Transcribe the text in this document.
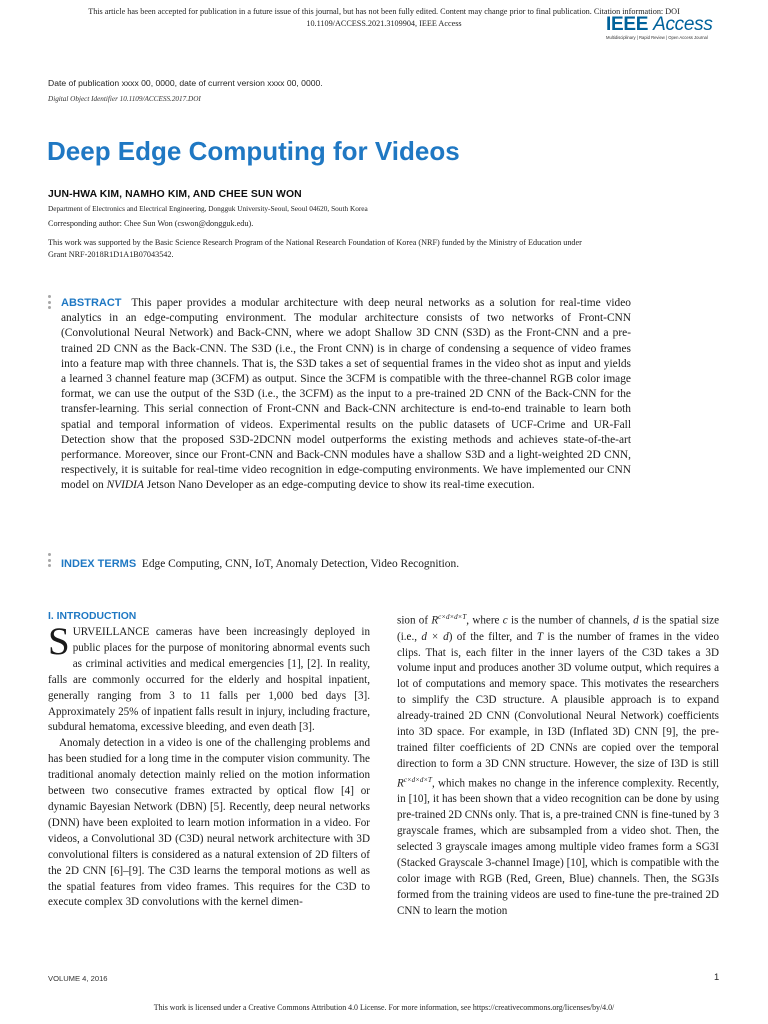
This article has been accepted for publication in a future issue of this journal, but has not been fully edited. Content may change prior to final publication. Citation information: DOI
10.1109/ACCESS.2021.3109904, IEEE Access	IEEE Access
Multidisciplinary | Rapid Review | Open Access Journal
Date of publication xxxx 00, 0000, date of current version xxxx 00, 0000.
Digital Object Identifier 10.1109/ACCESS.2017.DOI
Deep Edge Computing for Videos
JUN-HWA KIM, NAMHO KIM, AND CHEE SUN WON
Department of Electronics and Electrical Engineering, Dongguk University-Seoul, Seoul 04620, South Korea
Corresponding author: Chee Sun Won (cswon@dongguk.edu).
This work was supported by the Basic Science Research Program of the National Research Foundation of Korea (NRF) funded by the Ministry of Education under Grant NRF-2018R1D1A1B07043542.
ABSTRACT This paper provides a modular architecture with deep neural networks as a solution for real-time video analytics in an edge-computing environment. The modular architecture consists of two networks of Front-CNN (Convolutional Neural Network) and Back-CNN, where we adopt Shallow 3D CNN (S3D) as the Front-CNN and a pre-trained 2D CNN as the Back-CNN. The S3D (i.e., the Front CNN) is in charge of condensing a sequence of video frames into a feature map with three channels. That is, the S3D takes a set of sequential frames in the video shot as input and yields a learned 3 channel feature map (3CFM) as output. Since the 3CFM is compatible with the three-channel RGB color image format, we can use the output of the S3D (i.e., the 3CFM) as the input to a pre-trained 2D CNN of the Back-CNN for the transfer-learning. This serial connection of Front-CNN and Back-CNN architecture is end-to-end trainable to learn both spatial and temporal information of videos. Experimental results on the public datasets of UCF-Crime and UR-Fall Detection show that the proposed S3D-2DCNN model outperforms the existing methods and achieves state-of-the-art performance. Moreover, since our Front-CNN and Back-CNN modules have a shallow S3D and a light-weighted 2D CNN, respectively, it is suitable for real-time video recognition in edge-computing environments. We have implemented our CNN model on NVIDIA Jetson Nano Developer as an edge-computing device to show its real-time execution.
INDEX TERMS Edge Computing, CNN, IoT, Anomaly Detection, Video Recognition.
I. INTRODUCTION

SURVEILLANCE cameras have been increasingly deployed in public places for the purpose of monitoring abnormal events such as criminal activities and medical emergencies [1], [2]. In reality, falls are commonly occurred for the elderly and hospital inpatient, generally ranging from 3 to 11 falls per 1,000 bed days [3]. Approximately 25% of inpatient falls result in injury, including fracture, subdural hematoma, excessive bleeding, and even death [3].

Anomaly detection in a video is one of the challenging problems and has been studied for a long time in the computer vision community. The traditional anomaly detection mainly relied on the motion information between two consecutive frames extracted by optical flow [4] or dynamic Bayesian Network (DBN) [5]. Recently, deep neural networks (DNN) have been exploited to learn motion information in a video. For videos, a Convolutional 3D (C3D) neural network architecture with 3D convolutional filters is considered as a natural extension of 2D filters of the 2D CNN [6]–[9]. The C3D learns the temporal motions as well as the spatial features from video frames. This requires for the C3D to execute complex 3D convolutions with the kernel dimen-

sion of $R^{c\times d\times d\times T}$, where c is the number of channels, d is the spatial size (i.e., d × d) of the filter, and T is the number of frames in the video clips. That is, each filter in the inner layers of the C3D takes a 3D volume input and produces another 3D volume output, which requires a lot of computations and memory space. This motivates the researchers to simplify the C3D structure. A plausible approach is to expand already-trained 2D CNN (Convolutional Neural Network) coefficients into 3D space. For example, in I3D (Inflated 3D) CNN [9], the pre-trained filter coefficients of 2D CNNs are copied over the temporal direction to form a 3D CNN structure. However, the size of I3D is still $R^{c\times d\times d\times T}$, which makes no change in the inference complexity. Recently, in [10], it has been shown that a video recognition can be done by using pre-trained 2D CNNs only. That is, a pre-trained CNN is fine-tuned by 3 grayscale frames, which are subsampled from a video shot. Then, the selected 3 grayscale images among multiple video frames form a SG3I (Stacked Grayscale 3-channel Image) [10], which is compatible with the color image with RGB (Red, Green, Blue) channels. Then, the SG3Is formed from the training videos are used to fine-tune the pre-trained 2D CNN to learn the motion

VOLUME 4, 2016	1
This work is licensed under a Creative Commons Attribution 4.0 License. For more information, see https://creativecommons.org/licenses/by/4.0/
